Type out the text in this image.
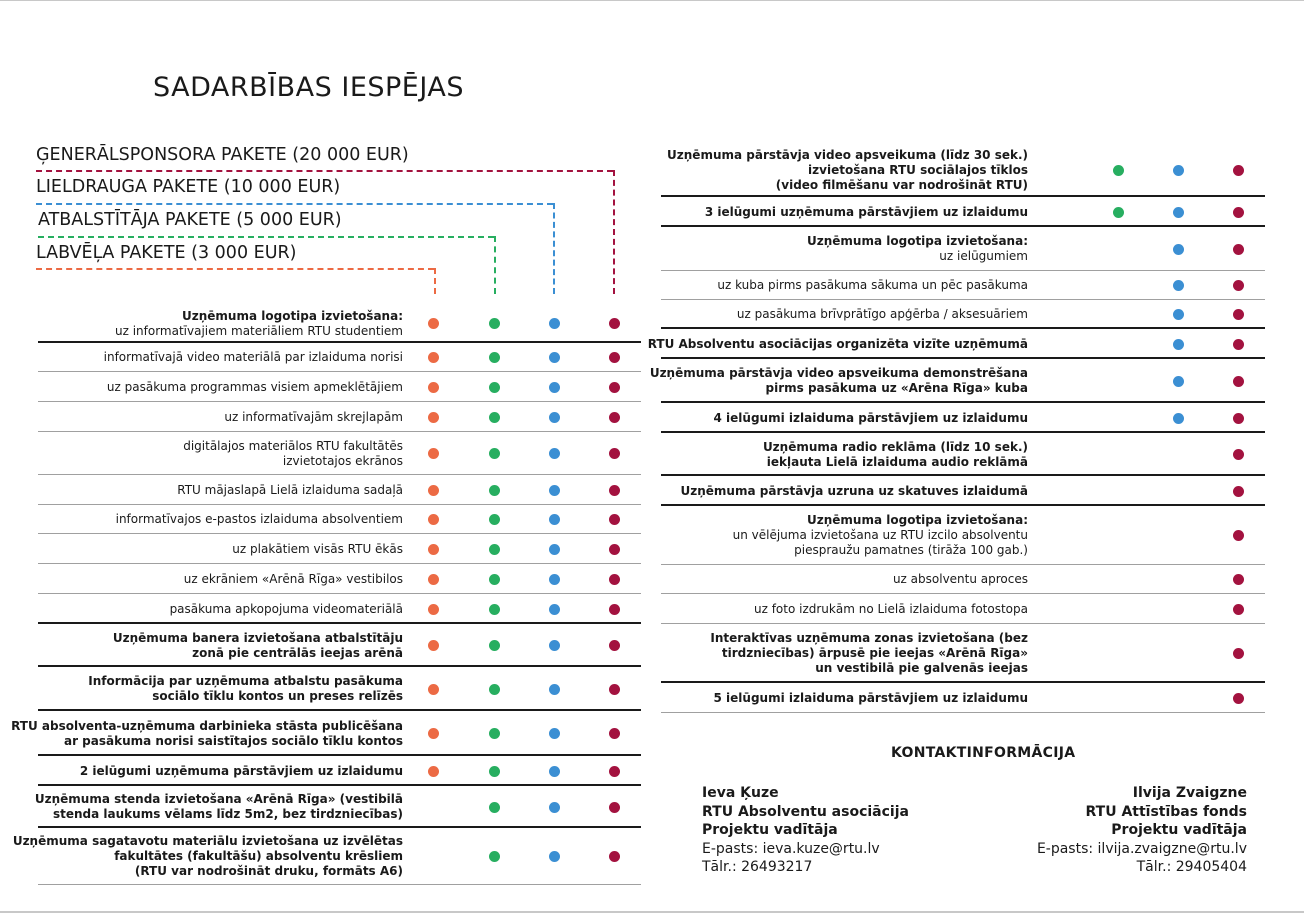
SADARBĪBAS IESPĒJAS
ĢENERĀLSPONSORA PAKETE (20 000 EUR)
LIELDRAUGA PAKETE (10 000 EUR)
ATBALSTĪTĀJA PAKETE (5 000 EUR)
LABVĒĻA PAKETE (3 000 EUR)
Uzņēmuma logotipa izvietošana:
uz informatīvajiem materiāliem RTU studentiem
informatīvajā video materiālā par izlaiduma norisi
uz pasākuma programmas visiem apmeklētājiem
uz informatīvajām skrejlapām
digitālajos materiālos RTU fakultātēs
izvietotajos ekrānos
RTU mājaslapā Lielā izlaiduma sadaļā
informatīvajos e-pastos izlaiduma absolventiem
uz plakātiem visās RTU ēkās
uz ekrāniem «Arēnā Rīga» vestibilos
pasākuma apkopojuma videomateriālā
Uzņēmuma banera izvietošana atbalstītāju
zonā pie centrālās ieejas arēnā
Informācija par uzņēmuma atbalstu pasākuma
sociālo tīklu kontos un preses relīzēs
RTU absolventa-uzņēmuma darbinieka stāsta publicēšana
ar pasākuma norisi saistītajos sociālo tīklu kontos
2 ielūgumi uzņēmuma pārstāvjiem uz izlaidumu
Uzņēmuma stenda izvietošana «Arēnā Rīga» (vestibilā
stenda laukums vēlams līdz 5m2, bez tirdzniecības)
Uzņēmuma sagatavotu materiālu izvietošana uz izvēlētas
fakultātes (fakultāšu) absolventu krēsliem
(RTU var nodrošināt druku, formāts A6)
Uzņēmuma pārstāvja video apsveikuma (līdz 30 sek.)
izvietošana RTU sociālajos tīklos
(video filmēšanu var nodrošināt RTU)
3 ielūgumi uzņēmuma pārstāvjiem uz izlaidumu
Uzņēmuma logotipa izvietošana:
uz ielūgumiem
uz kuba pirms pasākuma sākuma un pēc pasākuma
uz pasākuma brīvprātīgo apģērba / aksesuāriem
RTU Absolventu asociācijas organizēta vizīte uzņēmumā
Uzņēmuma pārstāvja video apsveikuma demonstrēšana
pirms pasākuma uz «Arēna Rīga» kuba
4 ielūgumi izlaiduma pārstāvjiem uz izlaidumu
Uzņēmuma radio reklāma (līdz 10 sek.)
iekļauta Lielā izlaiduma audio reklāmā
Uzņēmuma pārstāvja uzruna uz skatuves izlaidumā
Uzņēmuma logotipa izvietošana:
un vēlējuma izvietošana uz RTU izcilo absolventu
piespraužu pamatnes (tirāža 100 gab.)
uz absolventu aproces
uz foto izdrukām no Lielā izlaiduma fotostopa
Interaktīvas uzņēmuma zonas izvietošana (bez
tirdzniecības) ārpusē pie ieejas «Arēnā Rīga»
un vestibilā pie galvenās ieejas
5 ielūgumi izlaiduma pārstāvjiem uz izlaidumu
KONTAKTINFORMĀCIJA
Ieva Ķuze
RTU Absolventu asociācija
Projektu vadītāja
E-pasts: ieva.kuze@rtu.lv
Tālr.: 26493217
Ilvija Zvaigzne
RTU Attīstības fonds
Projektu vadītāja
E-pasts: ilvija.zvaigzne@rtu.lv
Tālr.: 29405404
